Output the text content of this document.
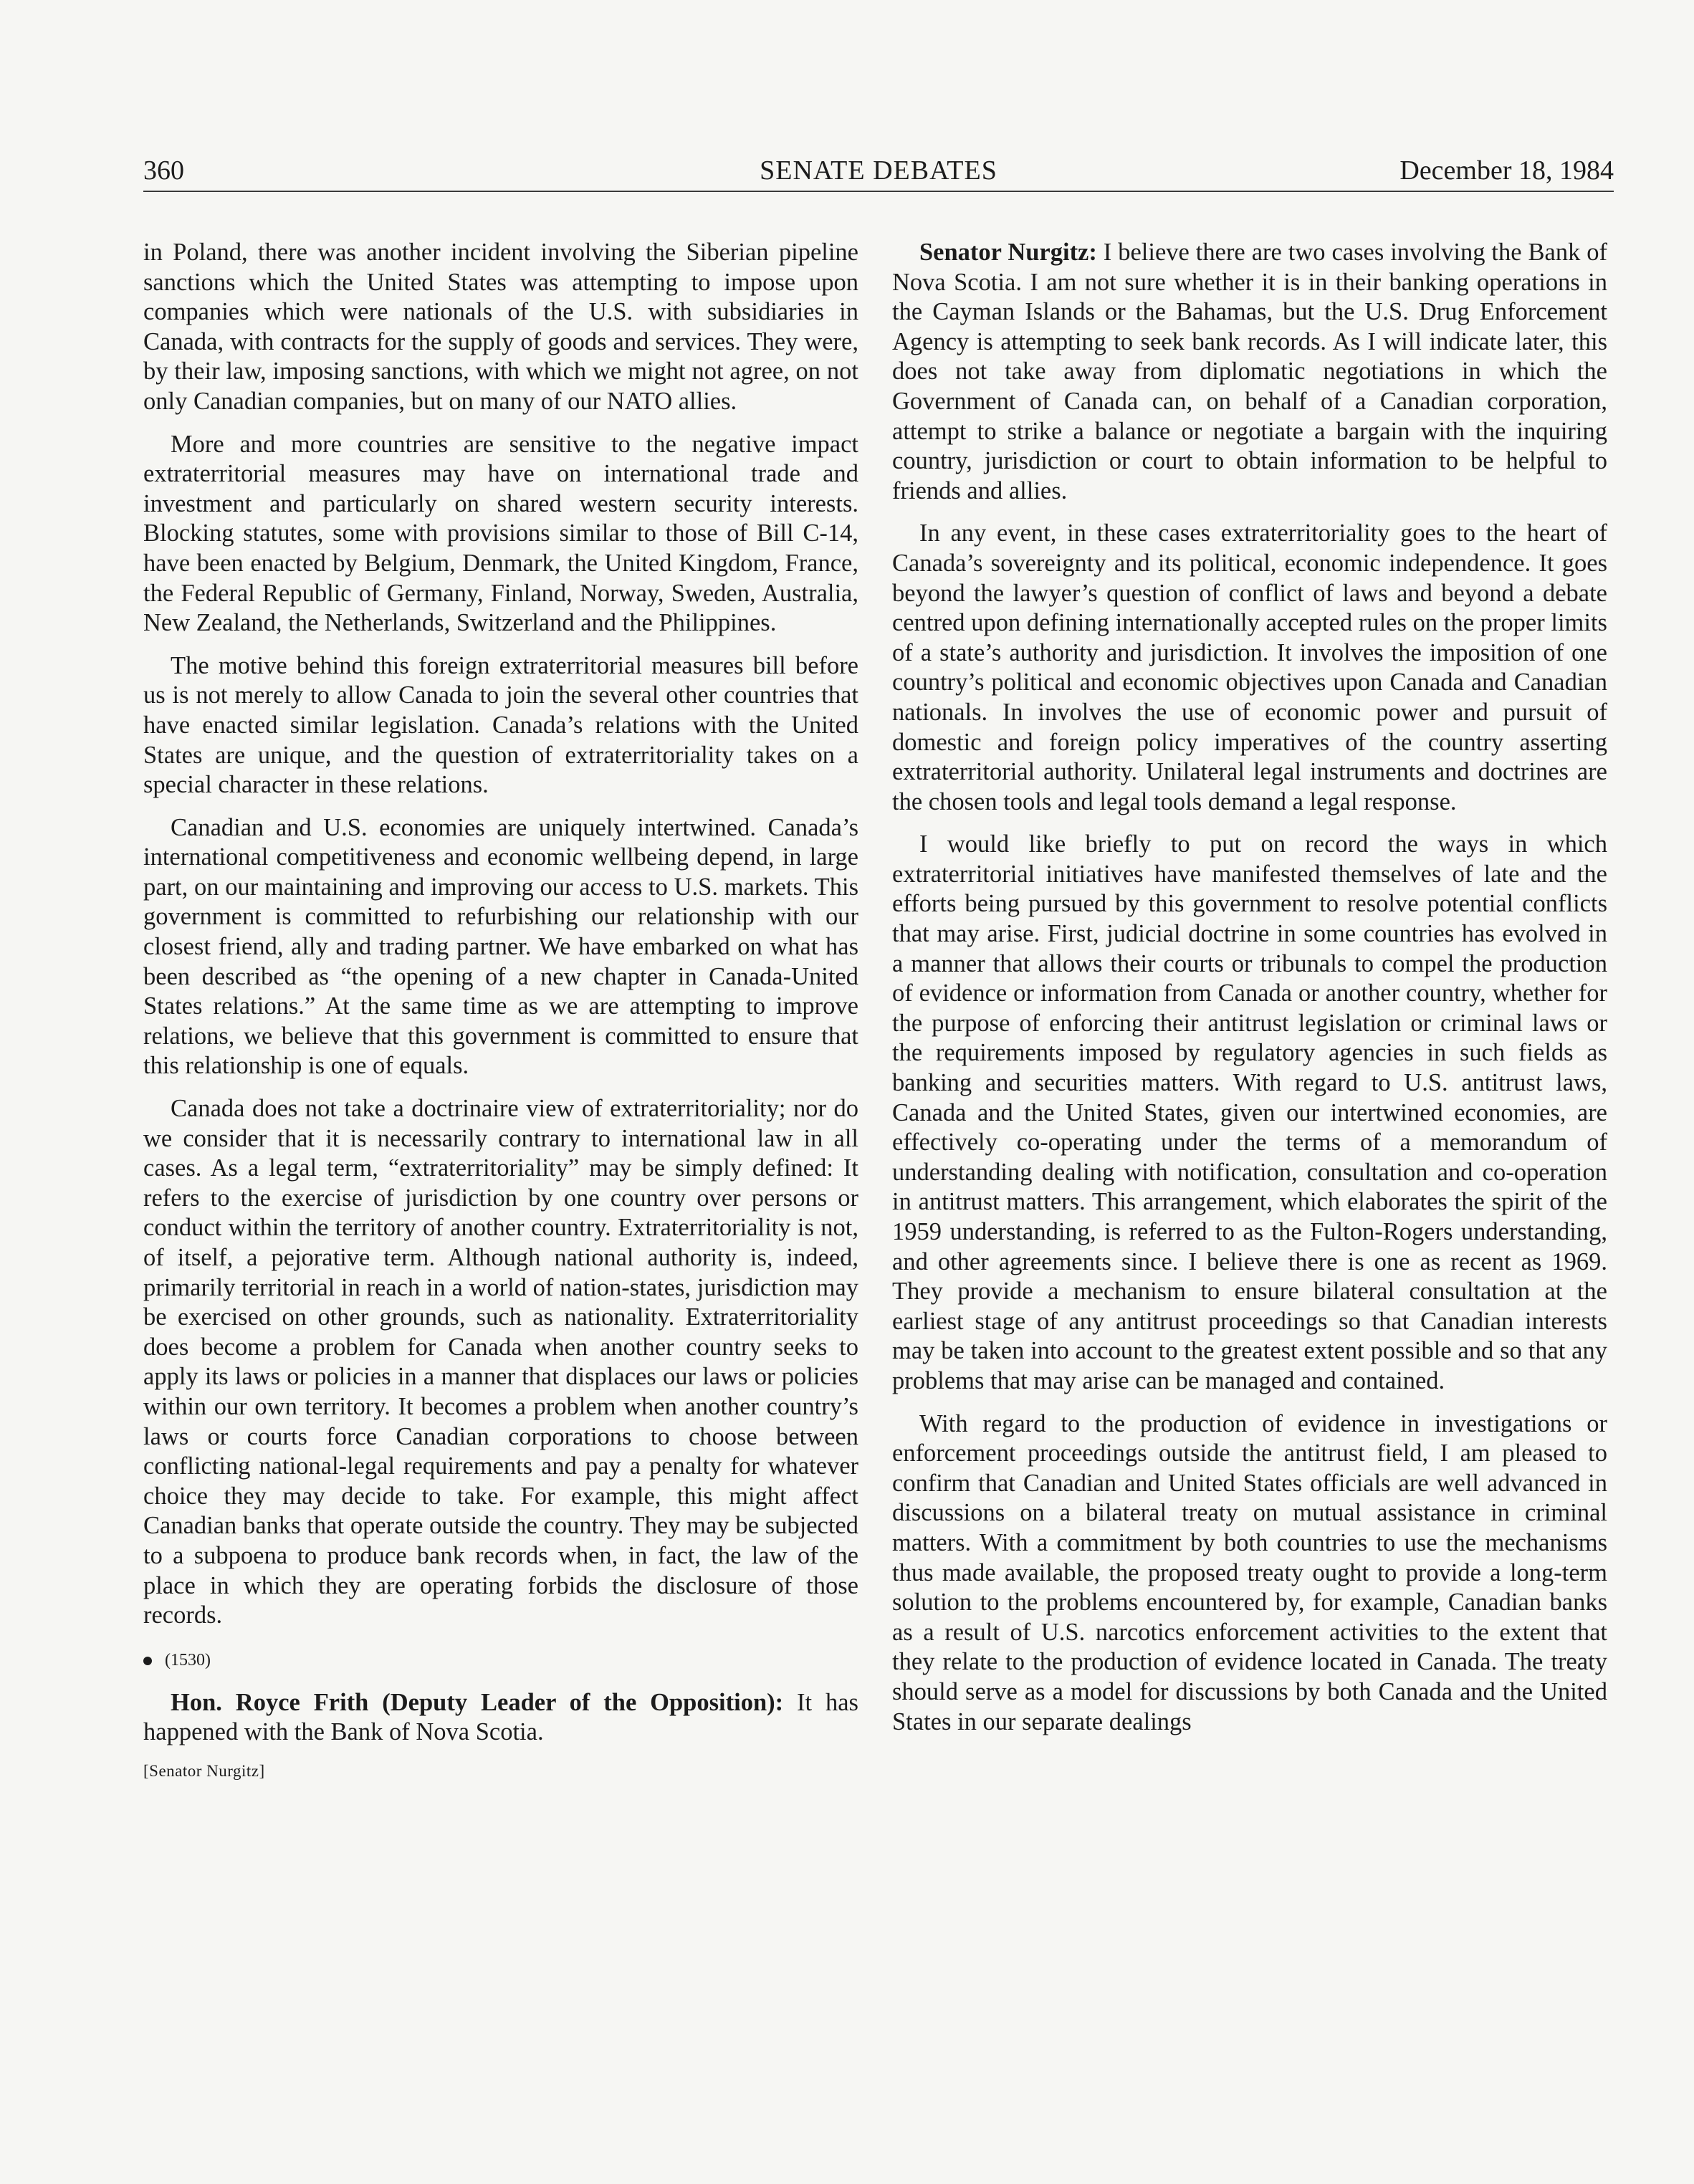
360	SENATE DEBATES	December 18, 1984

in Poland, there was another incident involving the Siberian pipeline sanctions which the United States was attempting to impose upon companies which were nationals of the U.S. with subsidiaries in Canada, with contracts for the supply of goods and services. They were, by their law, imposing sanctions, with which we might not agree, on not only Canadian companies, but on many of our NATO allies.

More and more countries are sensitive to the negative impact extraterritorial measures may have on international trade and investment and particularly on shared western security interests. Blocking statutes, some with provisions similar to those of Bill C-14, have been enacted by Belgium, Denmark, the United Kingdom, France, the Federal Republic of Germany, Finland, Norway, Sweden, Australia, New Zealand, the Netherlands, Switzerland and the Philippines.

The motive behind this foreign extraterritorial measures bill before us is not merely to allow Canada to join the several other countries that have enacted similar legislation. Canada’s relations with the United States are unique, and the question of extraterritoriality takes on a special character in these relations.

Canadian and U.S. economies are uniquely intertwined. Canada’s international competitiveness and economic wellbeing depend, in large part, on our maintaining and improving our access to U.S. markets. This government is committed to refurbishing our relationship with our closest friend, ally and trading partner. We have embarked on what has been described as “the opening of a new chapter in Canada-United States relations.” At the same time as we are attempting to improve relations, we believe that this government is committed to ensure that this relationship is one of equals.

Canada does not take a doctrinaire view of extraterritoriality; nor do we consider that it is necessarily contrary to international law in all cases. As a legal term, “extraterritoriality” may be simply defined: It refers to the exercise of jurisdiction by one country over persons or conduct within the territory of another country. Extraterritoriality is not, of itself, a pejorative term. Although national authority is, indeed, primarily territorial in reach in a world of nation-states, jurisdiction may be exercised on other grounds, such as nationality. Extraterritoriality does become a problem for Canada when another country seeks to apply its laws or policies in a manner that displaces our laws or policies within our own territory. It becomes a problem when another country’s laws or courts force Canadian corporations to choose between conflicting national-legal requirements and pay a penalty for whatever choice they may decide to take. For example, this might affect Canadian banks that operate outside the country. They may be subjected to a subpoena to produce bank records when, in fact, the law of the place in which they are operating forbids the disclosure of those records.

(1530)

Hon. Royce Frith (Deputy Leader of the Opposition): It has happened with the Bank of Nova Scotia.

[Senator Nurgitz]

Senator Nurgitz: I believe there are two cases involving the Bank of Nova Scotia. I am not sure whether it is in their banking operations in the Cayman Islands or the Bahamas, but the U.S. Drug Enforcement Agency is attempting to seek bank records. As I will indicate later, this does not take away from diplomatic negotiations in which the Government of Canada can, on behalf of a Canadian corporation, attempt to strike a balance or negotiate a bargain with the inquiring country, jurisdiction or court to obtain information to be helpful to friends and allies.

In any event, in these cases extraterritoriality goes to the heart of Canada’s sovereignty and its political, economic independence. It goes beyond the lawyer’s question of conflict of laws and beyond a debate centred upon defining internationally accepted rules on the proper limits of a state’s authority and jurisdiction. It involves the imposition of one country’s political and economic objectives upon Canada and Canadian nationals. In involves the use of economic power and pursuit of domestic and foreign policy imperatives of the country asserting extraterritorial authority. Unilateral legal instruments and doctrines are the chosen tools and legal tools demand a legal response.

I would like briefly to put on record the ways in which extraterritorial initiatives have manifested themselves of late and the efforts being pursued by this government to resolve potential conflicts that may arise. First, judicial doctrine in some countries has evolved in a manner that allows their courts or tribunals to compel the production of evidence or information from Canada or another country, whether for the purpose of enforcing their antitrust legislation or criminal laws or the requirements imposed by regulatory agencies in such fields as banking and securities matters. With regard to U.S. antitrust laws, Canada and the United States, given our intertwined economies, are effectively co-operating under the terms of a memorandum of understanding dealing with notification, consultation and co-operation in antitrust matters. This arrangement, which elaborates the spirit of the 1959 understanding, is referred to as the Fulton-Rogers understanding, and other agreements since. I believe there is one as recent as 1969. They provide a mechanism to ensure bilateral consultation at the earliest stage of any antitrust proceedings so that Canadian interests may be taken into account to the greatest extent possible and so that any problems that may arise can be managed and contained.

With regard to the production of evidence in investigations or enforcement proceedings outside the antitrust field, I am pleased to confirm that Canadian and United States officials are well advanced in discussions on a bilateral treaty on mutual assistance in criminal matters. With a commitment by both countries to use the mechanisms thus made available, the proposed treaty ought to provide a long-term solution to the problems encountered by, for example, Canadian banks as a result of U.S. narcotics enforcement activities to the extent that they relate to the production of evidence located in Canada. The treaty should serve as a model for discussions by both Canada and the United States in our separate dealings
